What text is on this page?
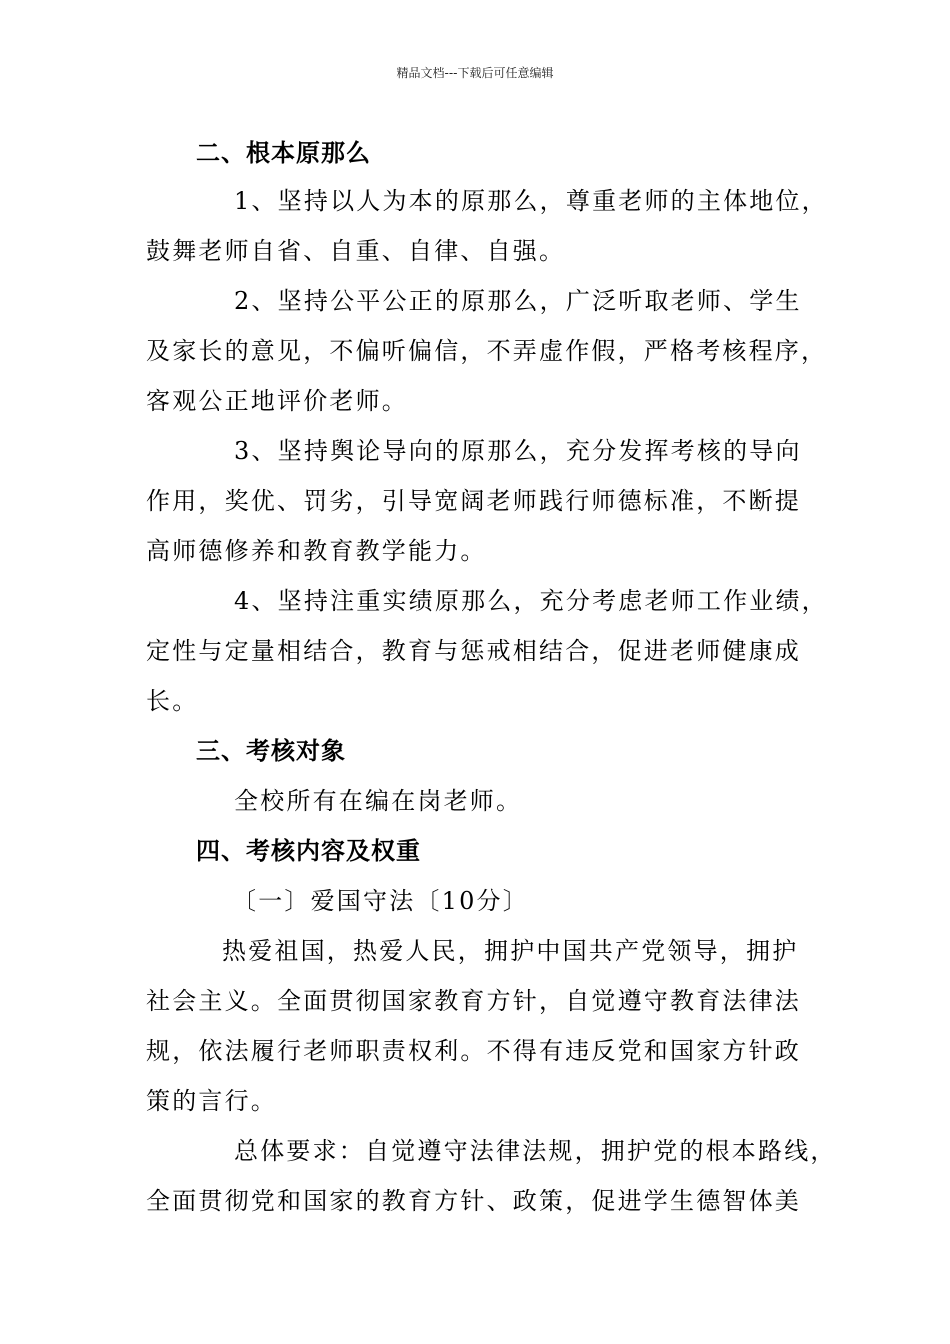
精品文档---下载后可任意编辑
二、根本原那么
1、坚持以人为本的原那么，尊重老师的主体地位，
鼓舞老师自省、自重、自律、自强。
2、坚持公平公正的原那么，广泛听取老师、学生
及家长的意见，不偏听偏信，不弄虚作假，严格考核程序，
客观公正地评价老师。
3、坚持舆论导向的原那么，充分发挥考核的导向
作用，奖优、罚劣，引导宽阔老师践行师德标准，不断提
高师德修养和教育教学能力。
4、坚持注重实绩原那么，充分考虑老师工作业绩，
定性与定量相结合，教育与惩戒相结合，促进老师健康成
长。
三、考核对象
全校所有在编在岗老师。
四、考核内容及权重
〔一〕爱国守法〔10分〕
热爱祖国，热爱人民，拥护中国共产党领导，拥护
社会主义。全面贯彻国家教育方针，自觉遵守教育法律法
规，依法履行老师职责权利。不得有违反党和国家方针政
策的言行。
总体要求：自觉遵守法律法规，拥护党的根本路线，
全面贯彻党和国家的教育方针、政策，促进学生德智体美
